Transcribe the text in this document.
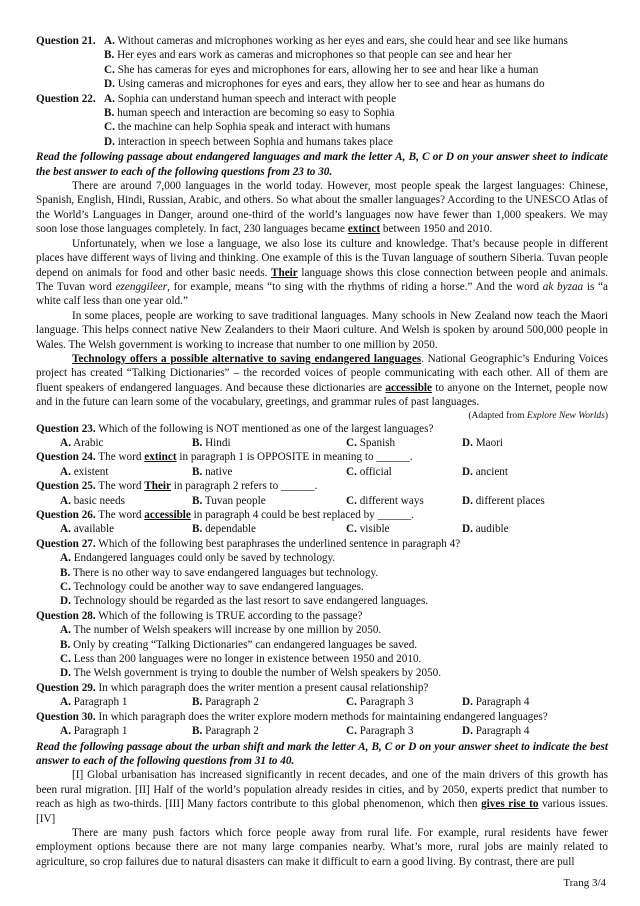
Question 21. A. Without cameras and microphones working as her eyes and ears, she could hear and see like humans
B. Her eyes and ears work as cameras and microphones so that people can see and hear her
C. She has cameras for eyes and microphones for ears, allowing her to see and hear like a human
D. Using cameras and microphones for eyes and ears, they allow her to see and hear as humans do
Question 22. A. Sophia can understand human speech and interact with people
B. human speech and interaction are becoming so easy to Sophia
C. the machine can help Sophia speak and interact with humans
D. interaction in speech between Sophia and humans takes place

Read the following passage about endangered languages and mark the letter A, B, C or D on your answer sheet to indicate the best answer to each of the following questions from 23 to 30.

There are around 7,000 languages in the world today. However, most people speak the largest languages: Chinese, Spanish, English, Hindi, Russian, Arabic, and others. So what about the smaller languages? According to the UNESCO Atlas of the World’s Languages in Danger, around one-third of the world’s languages now have fewer than 1,000 speakers. We may soon lose those languages completely. In fact, 230 languages became extinct between 1950 and 2010.

Unfortunately, when we lose a language, we also lose its culture and knowledge. That’s because people in different places have different ways of living and thinking. One example of this is the Tuvan language of southern Siberia. Tuvan people depend on animals for food and other basic needs. Their language shows this close connection between people and animals. The Tuvan word ezenggileer, for example, means “to sing with the rhythms of riding a horse.” And the word ak byzaa is “a white calf less than one year old.”

In some places, people are working to save traditional languages. Many schools in New Zealand now teach the Maori language. This helps connect native New Zealanders to their Maori culture. And Welsh is spoken by around 500,000 people in Wales. The Welsh government is working to increase that number to one million by 2050.

Technology offers a possible alternative to saving endangered languages. National Geographic’s Enduring Voices project has created “Talking Dictionaries” – the recorded voices of people communicating with each other. All of them are fluent speakers of endangered languages. And because these dictionaries are accessible to anyone on the Internet, people now and in the future can learn some of the vocabulary, greetings, and grammar rules of past languages.

(Adapted from Explore New Worlds)
Question 23. Which of the following is NOT mentioned as one of the largest languages?
A. Arabic	B. Hindi	C. Spanish	D. Maori
Question 24. The word extinct in paragraph 1 is OPPOSITE in meaning to ______.
A. existent	B. native	C. official	D. ancient
Question 25. The word Their in paragraph 2 refers to ______.
A. basic needs	B. Tuvan people	C. different ways	D. different places
Question 26. The word accessible in paragraph 4 could be best replaced by ______.
A. available	B. dependable	C. visible	D. audible
Question 27. Which of the following best paraphrases the underlined sentence in paragraph 4?
A. Endangered languages could only be saved by technology.
B. There is no other way to save endangered languages but technology.
C. Technology could be another way to save endangered languages.
D. Technology should be regarded as the last resort to save endangered languages.
Question 28. Which of the following is TRUE according to the passage?
A. The number of Welsh speakers will increase by one million by 2050.
B. Only by creating “Talking Dictionaries” can endangered languages be saved.
C. Less than 200 languages were no longer in existence between 1950 and 2010.
D. The Welsh government is trying to double the number of Welsh speakers by 2050.
Question 29. In which paragraph does the writer mention a present causal relationship?
A. Paragraph 1	B. Paragraph 2	C. Paragraph 3	D. Paragraph 4
Question 30. In which paragraph does the writer explore modern methods for maintaining endangered languages?
A. Paragraph 1	B. Paragraph 2	C. Paragraph 3	D. Paragraph 4

Read the following passage about the urban shift and mark the letter A, B, C or D on your answer sheet to indicate the best answer to each of the following questions from 31 to 40.

[I] Global urbanisation has increased significantly in recent decades, and one of the main drivers of this growth has been rural migration. [II] Half of the world’s population already resides in cities, and by 2050, experts predict that number to reach as high as two-thirds. [III] Many factors contribute to this global phenomenon, which then gives rise to various issues. [IV]

There are many push factors which force people away from rural life. For example, rural residents have fewer employment options because there are not many large companies nearby. What’s more, rural jobs are mainly related to agriculture, so crop failures due to natural disasters can make it difficult to earn a good living. By contrast, there are pull

Trang 3/4
